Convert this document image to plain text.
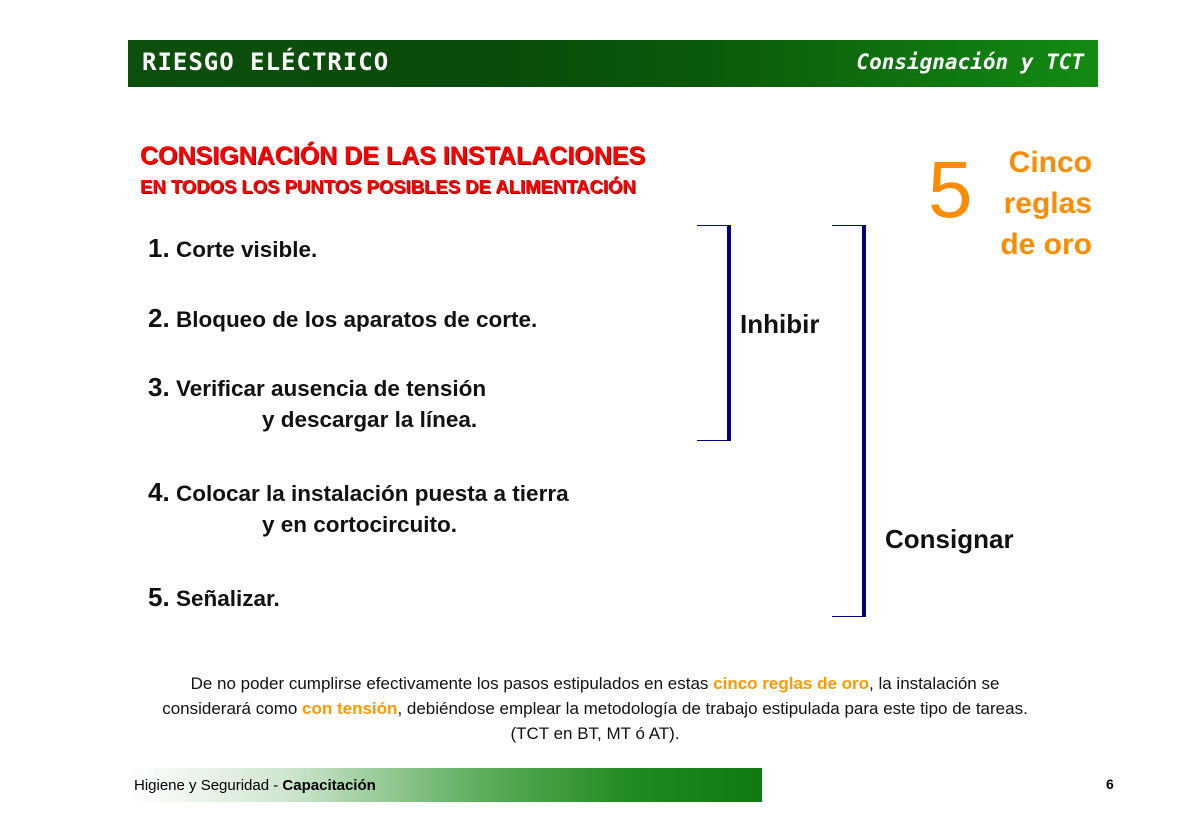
RIESGO ELÉCTRICO	Consignación y TCT
CONSIGNACIÓN DE LAS INSTALACIONES
EN TODOS LOS PUNTOS POSIBLES DE ALIMENTACIÓN	5 Cinco
reglas
de oro
1. Corte visible.
2. Bloqueo de los aparatos de corte.
3. Verificar ausencia de tensión
y descargar la línea.
4. Colocar la instalación puesta a tierra
y en cortocircuito.
5. Señalizar.
Inhibir
Consignar
De no poder cumplirse efectivamente los pasos estipulados en estas cinco reglas de oro, la instalación se considerará como con tensión, debiéndose emplear la metodología de trabajo estipulada para este tipo de tareas. (TCT en BT, MT ó AT).
Higiene y Seguridad - Capacitación	6
